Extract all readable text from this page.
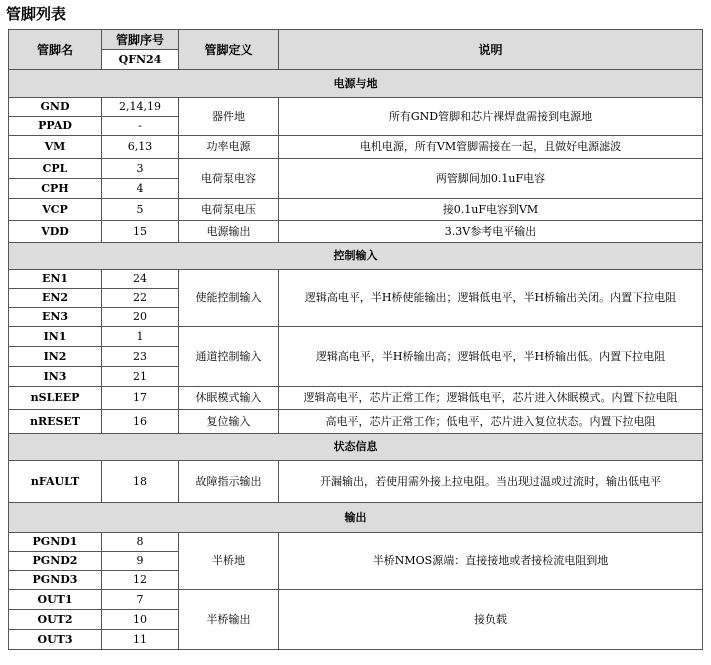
管脚列表
管脚名	管脚序号	管脚定义	说明
	QFN24		
电源与地			
GND	2,14,19	器件地	所有GND管脚和芯片裸焊盘需接到电源地
PPAD	-		
VM	6,13	功率电源	电机电源，所有VM管脚需接在一起，且做好电源滤波
CPL	3	电荷泵电容	两管脚间加0.1uF电容
CPH	4		
VCP	5	电荷泵电压	接0.1uF电容到VM
VDD	15	电源输出	3.3V参考电平输出
控制输入			
EN1	24	使能控制输入	逻辑高电平，半H桥使能输出；逻辑低电平，半H桥输出关闭。内置下拉电阻
EN2	22		
EN3	20		
IN1	1	通道控制输入	逻辑高电平，半H桥输出高；逻辑低电平，半H桥输出低。内置下拉电阻
IN2	23		
IN3	21		
nSLEEP	17	休眠模式输入	逻辑高电平，芯片正常工作；逻辑低电平，芯片进入休眠模式。内置下拉电阻
nRESET	16	复位输入	高电平，芯片正常工作；低电平，芯片进入复位状态。内置下拉电阻
状态信息			
nFAULT	18	故障指示输出	开漏输出，若使用需外接上拉电阻。当出现过温或过流时，输出低电平
输出			
PGND1	8	半桥地	半桥NMOS源端：直接接地或者接检流电阻到地
PGND2	9		
PGND3	12		
OUT1	7	半桥输出	接负载
OUT2	10		
OUT3	11		
